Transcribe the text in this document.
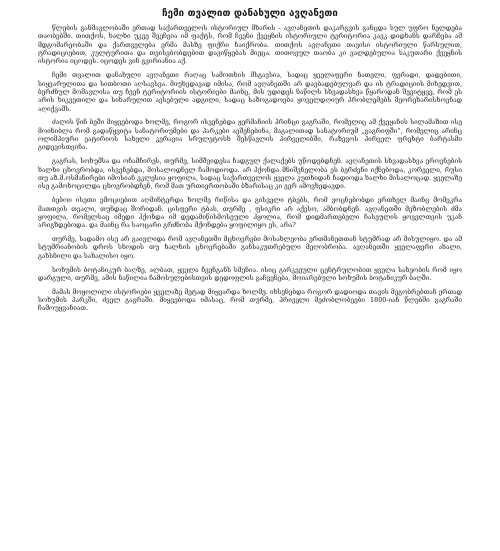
ჩემი თვალით დანახული ავღანეთი

წლების განმავლობაში ერთად საქართველოს ისტორიულ მხარის - ავღანეთის დაკარგვის განცდა სულ უფრო ნელდება თაობებში. თითქოს, ხალხი უკვე შეეჩვია იმ ფაქტს, რომ ჩვენი ქვეყნის ისტორიული ტერიტორია კავკ დიდხანს დარჩება ამ მდგომარეობაში და ქართველება ერმა მასზე ფიქრი ჩაიქრობა. თითქოს ავღანეთი თავისი ისტორიული წარსულით, ტრადიციებით, კულტურითა და თვისებობდებით დავიწყებას მიეცა. თითოეულ თაობა კი ვალდებულია საკუთარი ქვეყნის ისტორია იცოდეს. იცოდეს ვინ გვირიანია აქ.

ჩემი თვალით დანახული ავღანეთი რაღაც სამოთხის მსგავსია, სადაც ყველაფერი ნათელი, ფერადი, დადებითი, სიყვარულითა და სითბოთი აღსავსეა. მიუხედავად იმისა, რომ ავღანეთში არ დავბადებულვარ და ის ტრადიციის მიხედვით, ბერძნულ მომავლისა თუ ჩვენ ტერიტორიის ისტორიები მაინც, მის უდიდეს ნაწილს სხვადასხვა წყაროდან შევიტყვე, რომ ეს არის ხიკვეთილი და სიხარულით ავსებული ადგილი, სადაც საზოგადოება ყოველდღიურ პრობლემებს მეორეხარისხოვნად აღიქვამს.

ძალის წინ ბეში მიყვებოდა ხოლმე, როგორ ისვენებდა ჟერმანიის პრინცი გაგრაში, რომელიც ამ ქვეყანის სილამაზით ისე მოიხიბლა რომ გადაწყვიტა სანატორიუმები და პარკები აეშენებინა, მაგალითად სანატორიუმ „გაგრიფში“, რომელიც არინც ოლიმპიური ეატირიოს სახელი კერავია სრულეტოსხ შესწავლის პირველიბში, რაზევოს პირველ ფრეხტი ბარტასმი გიდევისთვინა.

გაგრას, სოხუმსა და ოჩამჩირეს, თურმე, სიმშვიდესა ჩადგულ ქალაქებს უწოდებდნენ. ავღანეთის სხვადასხვა ეროვნების ხალხი ცხოვრობდა, ისვენებდა, მოსალოდნელ ჩამოდიოდა. არ პქონდა მნიშვნელობა ეს ბერძენი იქნებოდა, კორეელი, რუსი თუ აზ.მ.ოსმანირები იმოსიან ეკლესია ყოფილა, სადაც საქართველოს ყველა კუთხიდან ჩადიოდა ხალხი მისალოცად. ყველაზე ისე გამოხოცილდა ცხოვრობდნენ, რომ მათ ურთიერთობაში ბზარისაც კი ვერ ამოვხედავდი.

ბებოი ისეთი ემოციებით აღმინტერდა ხოლმე რიწისა და გისველი ტბებს, რომ ვოცნებობდი ერთხელ მაინც მომეკრა მათთვის თვალი, თუნდაც შორიდან. ცისფერი ტბას, თურმე , ფსიკრი არ აქვსო, ამბობდნენ. ავღანეთში მეზობლების ძმა ყოფილა, რომელსაც იმედი ჰქონდა იმ დედამიწისმოსეული ჰყოლია, რომ დიდმართებელი ჩასეულის ყოველთვის უკან არიგზდებოდა. და მაინც რა საოცარი გრძნობა მქონდება ყოფილიყო ეს, არა?

თურმე, სადამო ისე არ გაივლიდა რომ ავღანეთში მცხოვრები მოსახლეობა ერთმანეთთან სტუმრად არ მისულიყო. და ამ სტუმრიანობის დროს სხოდის თუ ხალხის ცხოვრებაში განსაკუთრებული მეღობრობა. ავღანეთში ყველაფერი ახალი, გახსნილი და სახალისო იყო.

სოხუმის ბოტანიკურ ბაღზე, ალბათ, ყველა ჩვენგანს სმენია. ისიც გარკვეული ცენტრულობით ყველა სახეობის რომ იყო დარგული, თურმე, ამის ნაწილია ჩამოსულებისთვის დედოფლის გაჩვენება, მოიარებული სოხუმის ბოტანიკურ ბაღში.

მამას მოყოლილი ისტორიები ყველაზე მეტად მიყვარდა ხოლმე. იხსენებდა როგორ დადიოდა თავის მეგობრებთან ერთად სოხუმის პარკში, ძველ გაგრაში. მიყვებოდა იმასაც, რომ თურმე, პრიველი მეძობლობეები 1800-იან წლებში გაგრაში ჩამოუყვანიათ.
